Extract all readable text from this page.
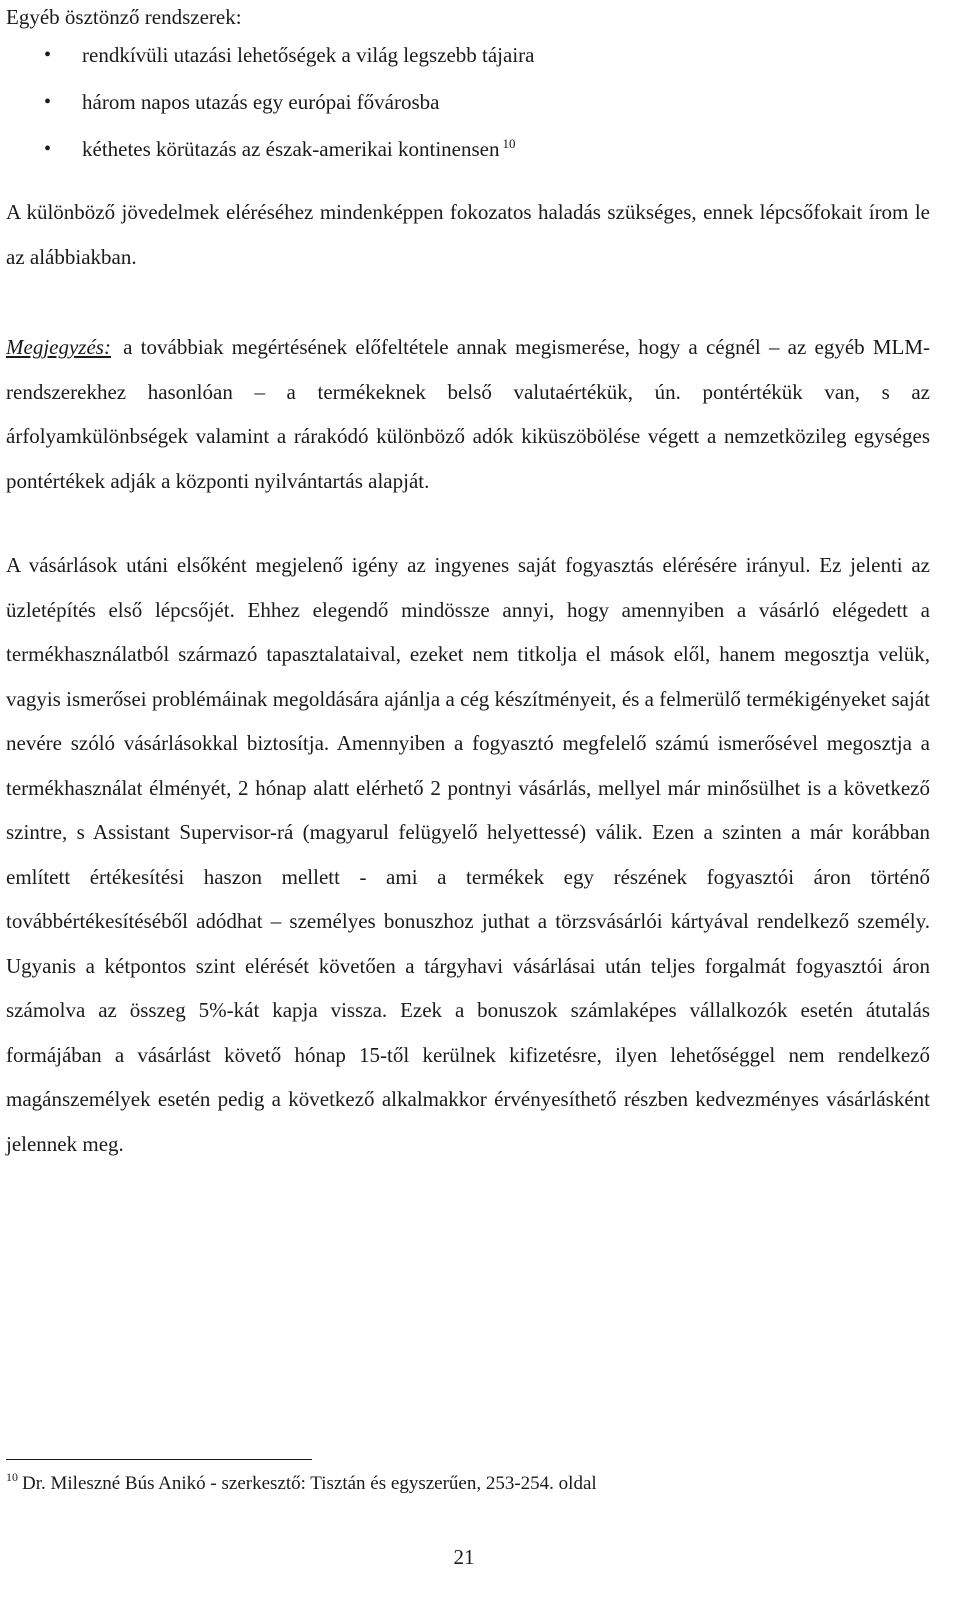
Egyéb ösztönző rendszerek:

• rendkívüli utazási lehetőségek a világ legszebb tájaira
• három napos utazás egy európai fővárosba
• kéthetes körütazás az észak-amerikai kontinensen $^{10}$

A különböző jövedelmek eléréséhez mindenképpen fokozatos haladás szükséges, ennek lépcsőfokait írom le az alábbiakban.

Megjegyzés: a továbbiak megértésének előfeltétele annak megismerése, hogy a cégnél – az egyéb MLM-rendszerekhez hasonlóan – a termékeknek belső valutaértékük, ún. pontértékük van, s az árfolyamkülönbségek valamint a rárakódó különböző adók kiküszöbölése végett a nemzetközileg egységes pontértékek adják a központi nyilvántartás alapját.

A vásárlások utáni elsőként megjelenő igény az ingyenes saját fogyasztás elérésére irányul. Ez jelenti az üzletépítés első lépcsőjét. Ehhez elegendő mindössze annyi, hogy amennyiben a vásárló elégedett a termékhasználatból származó tapasztalataival, ezeket nem titkolja el mások elől, hanem megosztja velük, vagyis ismerősei problémáinak megoldására ajánlja a cég készítményeit, és a felmerülő termékigényeket saját nevére szóló vásárlásokkal biztosítja. Amennyiben a fogyasztó megfelelő számú ismerősével megosztja a termékhasználat élményét, 2 hónap alatt elérhető 2 pontnyi vásárlás, mellyel már minősülhet is a következő szintre, s Assistant Supervisor-rá (magyarul felügyelő helyettessé) válik. Ezen a szinten a már korábban említett értékesítési haszon mellett - ami a termékek egy részének fogyasztói áron történő továbbértékesítéséből adódhat – személyes bonuszhoz juthat a törzsvásárlói kártyával rendelkező személy. Ugyanis a kétpontos szint elérését követően a tárgyhavi vásárlásai után teljes forgalmát fogyasztói áron számolva az összeg 5%-kát kapja vissza. Ezek a bonuszok számlaképes vállalkozók esetén átutalás formájában a vásárlást követő hónap 15-től kerülnek kifizetésre, ilyen lehetőséggel nem rendelkező magánszemélyek esetén pedig a következő alkalmakkor érvényesíthető részben kedvezményes vásárlásként jelennek meg.

$^{10}$ Dr. Mileszné Bús Anikó - szerkesztő: Tisztán és egyszerűen, 253-254. oldal
21
